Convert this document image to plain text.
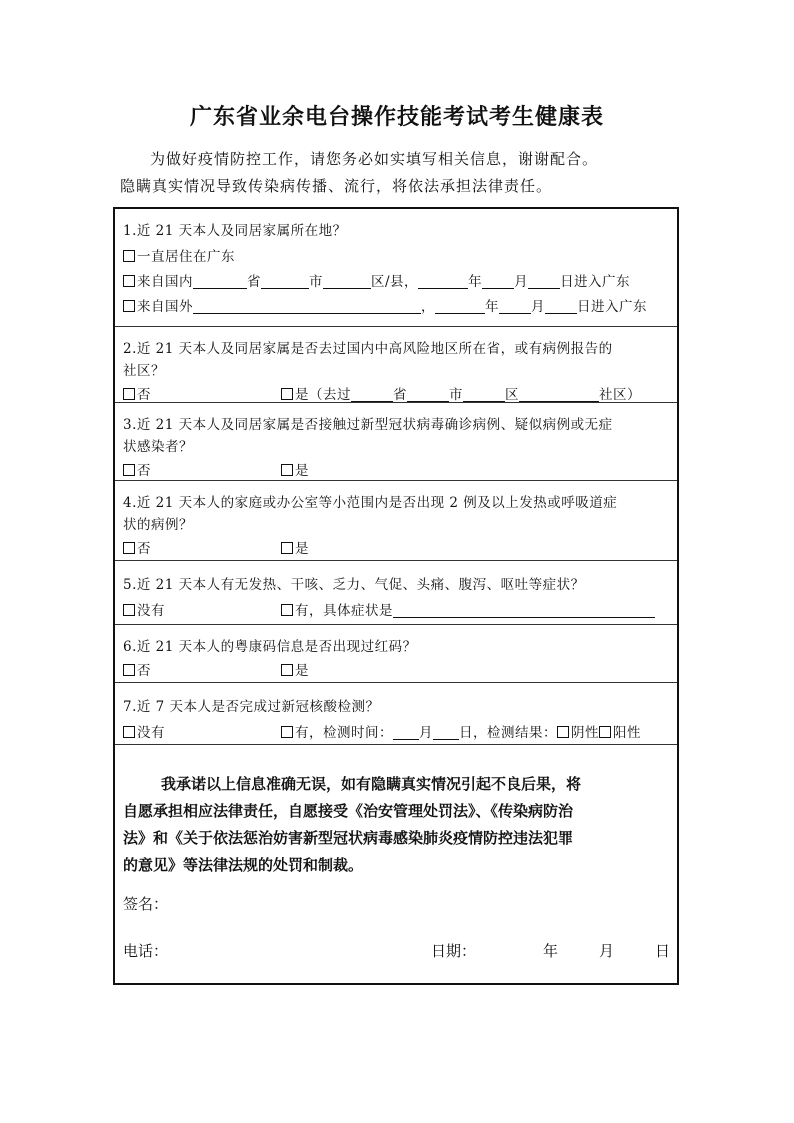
广东省业余电台操作技能考试考生健康表
为做好疫情防控工作，请您务必如实填写相关信息，谢谢配合。
隐瞒真实情况导致传染病传播、流行，将依法承担法律责任。
1.近 21 天本人及同居家属所在地？
一直居住在广东
来自国内	省	市	区/县，	年 月 日进入广东
来自国外	，	年 月 日进入广东
2.近 21 天本人及同居家属是否去过国内中高风险地区所在省，或有病例报告的
社区？
否	是（去过	省	市	区	社区）
3.近 21 天本人及同居家属是否接触过新型冠状病毒确诊病例、疑似病例或无症
状感染者？
否	是
4.近 21 天本人的家庭或办公室等小范围内是否出现 2 例及以上发热或呼吸道症
状的病例？
否	是
5.近 21 天本人有无发热、干咳、乏力、气促、头痛、腹泻、呕吐等症状？
没有	有，具体症状是
6.近 21 天本人的粤康码信息是否出现过红码？
否	是
7.近 7 天本人是否完成过新冠核酸检测？
没有	有，检测时间： 月 日，检测结果： 阴性 阳性
我承诺以上信息准确无误，如有隐瞒真实情况引起不良后果，将
自愿承担相应法律责任，自愿接受《治安管理处罚法》、《传染病防治
法》和《关于依法惩治妨害新型冠状病毒感染肺炎疫情防控违法犯罪
的意见》等法律法规的处罚和制裁。
签名：
电话：	日期：	年	月	日
